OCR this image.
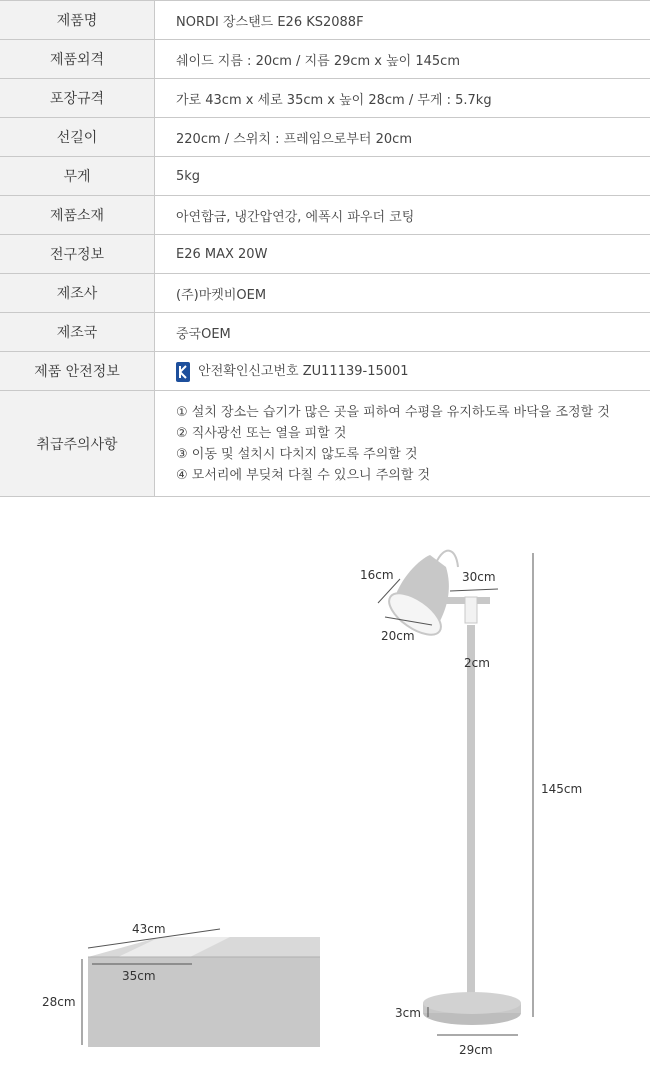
제품명	NORDI 장스탠드 E26 KS2088F
제품외격	쉐이드 지름 : 20cm / 지름 29cm x 높이 145cm
포장규격	가로 43cm x 세로 35cm x 높이 28cm / 무게 : 5.7kg
선길이	220cm / 스위치 : 프레임으로부터 20cm
무게	5kg
제품소재	아연합금, 냉간압연강, 에폭시 파우더 코팅
전구정보	E26 MAX 20W
제조사	(주)마켓비OEM
제조국	중국OEM
제품 안전정보	안전확인신고번호 ZU11139-15001
취급주의사항	① 설치 장소는 습기가 많은 곳을 피하여 수평을 유지하도록 바닥을 조정할 것
② 직사광선 또는 열을 피할 것
③ 이동 및 설치시 다치지 않도록 주의할 것
④ 모서리에 부딪쳐 다칠 수 있으니 주의할 것
43cm
35cm
28cm
16cm	30cm
20cm
2cm
145cm
3cm
29cm
